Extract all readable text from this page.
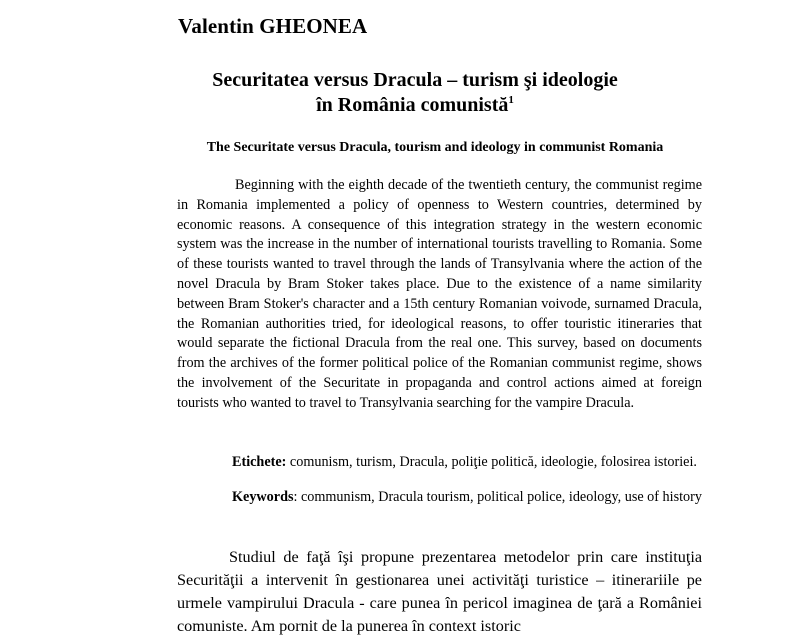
Valentin GHEONEA
Securitatea versus Dracula – turism şi ideologie
în România comunistă$^1$
The Securitate versus Dracula, tourism and ideology in communist Romania

Beginning with the eighth decade of the twentieth century, the communist regime in Romania implemented a policy of openness to Western countries, determined by economic reasons. A consequence of this integration strategy in the western economic system was the increase in the number of international tourists travelling to Romania. Some of these tourists wanted to travel through the lands of Transylvania where the action of the novel Dracula by Bram Stoker takes place. Due to the existence of a name similarity between Bram Stoker's character and a 15th century Romanian voivode, surnamed Dracula, the Romanian authorities tried, for ideological reasons, to offer touristic itineraries that would separate the fictional Dracula from the real one. This survey, based on documents from the archives of the former political police of the Romanian communist regime, shows the involvement of the Securitate in propaganda and control actions aimed at foreign tourists who wanted to travel to Transylvania searching for the vampire Dracula.

Etichete: comunism, turism, Dracula, poliţie politică, ideologie, folosirea istoriei.

Keywords: communism, Dracula tourism, political police, ideology, use of history

Studiul de faţă îşi propune prezentarea metodelor prin care instituţia Securităţii a intervenit în gestionarea unei activităţi turistice – itinerariile pe urmele vampirului Dracula - care punea în pericol imaginea de ţară a României comuniste. Am pornit de la punerea în context istoric
